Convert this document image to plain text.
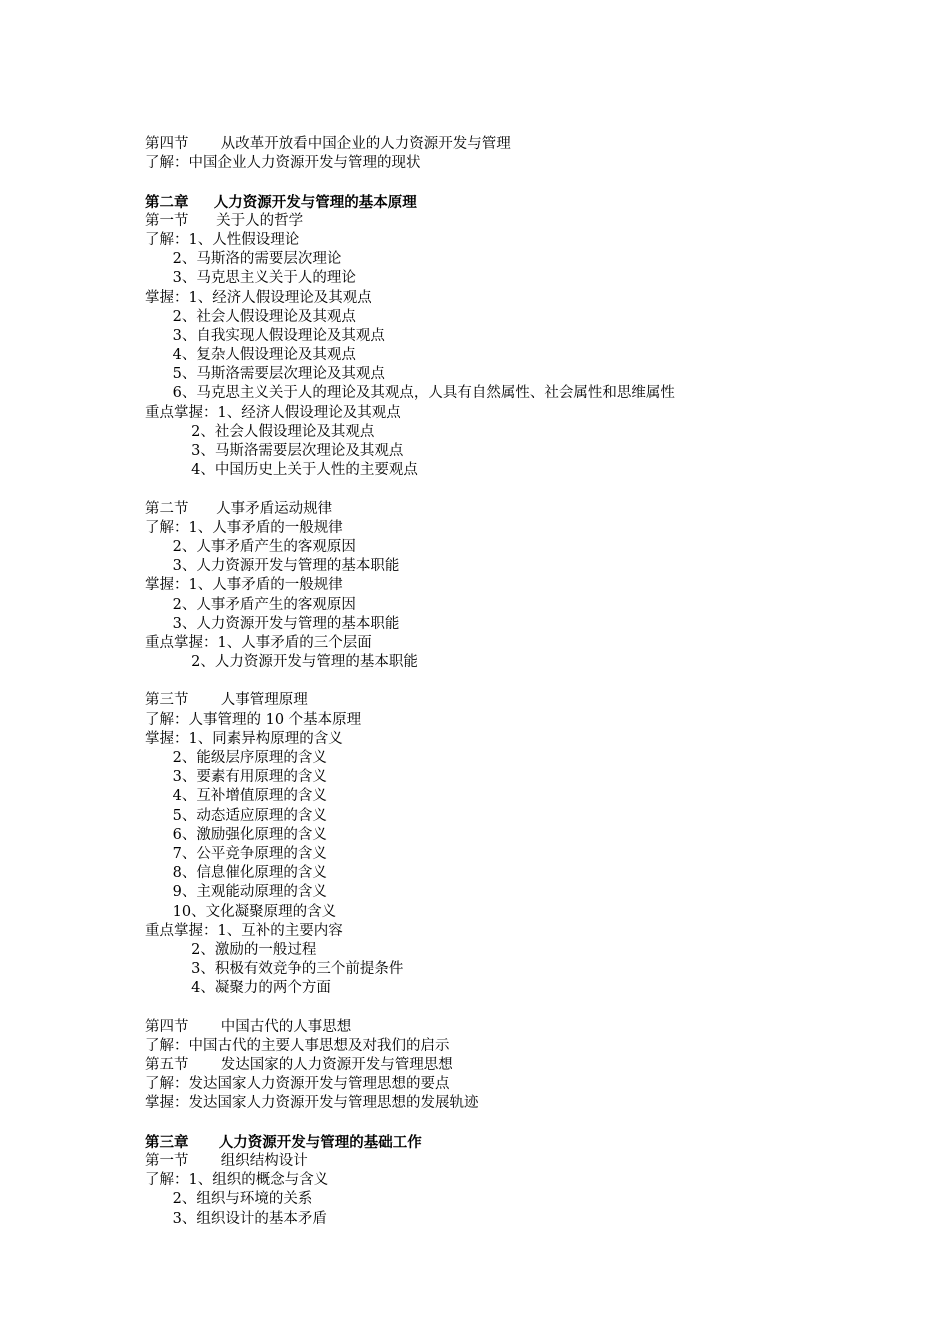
第四节       从改革开放看中国企业的人力资源开发与管理
了解：中国企业人力资源开发与管理的现状
第二章     人力资源开发与管理的基本原理
第一节      关于人的哲学
了解：1、人性假设理论
2、马斯洛的需要层次理论
3、马克思主义关于人的理论
掌握：1、经济人假设理论及其观点
2、社会人假设理论及其观点
3、自我实现人假设理论及其观点
4、复杂人假设理论及其观点
5、马斯洛需要层次理论及其观点
6、马克思主义关于人的理论及其观点，人具有自然属性、社会属性和思维属性
重点掌握：1、经济人假设理论及其观点
2、社会人假设理论及其观点
3、马斯洛需要层次理论及其观点
4、中国历史上关于人性的主要观点
第二节      人事矛盾运动规律
了解：1、人事矛盾的一般规律
2、人事矛盾产生的客观原因
3、人力资源开发与管理的基本职能
掌握：1、人事矛盾的一般规律
2、人事矛盾产生的客观原因
3、人力资源开发与管理的基本职能
重点掌握：1、人事矛盾的三个层面
2、人力资源开发与管理的基本职能
第三节       人事管理原理
了解：人事管理的 10 个基本原理
掌握：1、同素异构原理的含义
2、能级层序原理的含义
3、要素有用原理的含义
4、互补增值原理的含义
5、动态适应原理的含义
6、激励强化原理的含义
7、公平竞争原理的含义
8、信息催化原理的含义
9、主观能动原理的含义
10、文化凝聚原理的含义
重点掌握：1、互补的主要内容
2、激励的一般过程
3、积极有效竞争的三个前提条件
4、凝聚力的两个方面
第四节       中国古代的人事思想
了解：中国古代的主要人事思想及对我们的启示
第五节       发达国家的人力资源开发与管理思想
了解：发达国家人力资源开发与管理思想的要点
掌握：发达国家人力资源开发与管理思想的发展轨迹
第三章      人力资源开发与管理的基础工作
第一节       组织结构设计
了解：1、组织的概念与含义
2、组织与环境的关系
3、组织设计的基本矛盾
